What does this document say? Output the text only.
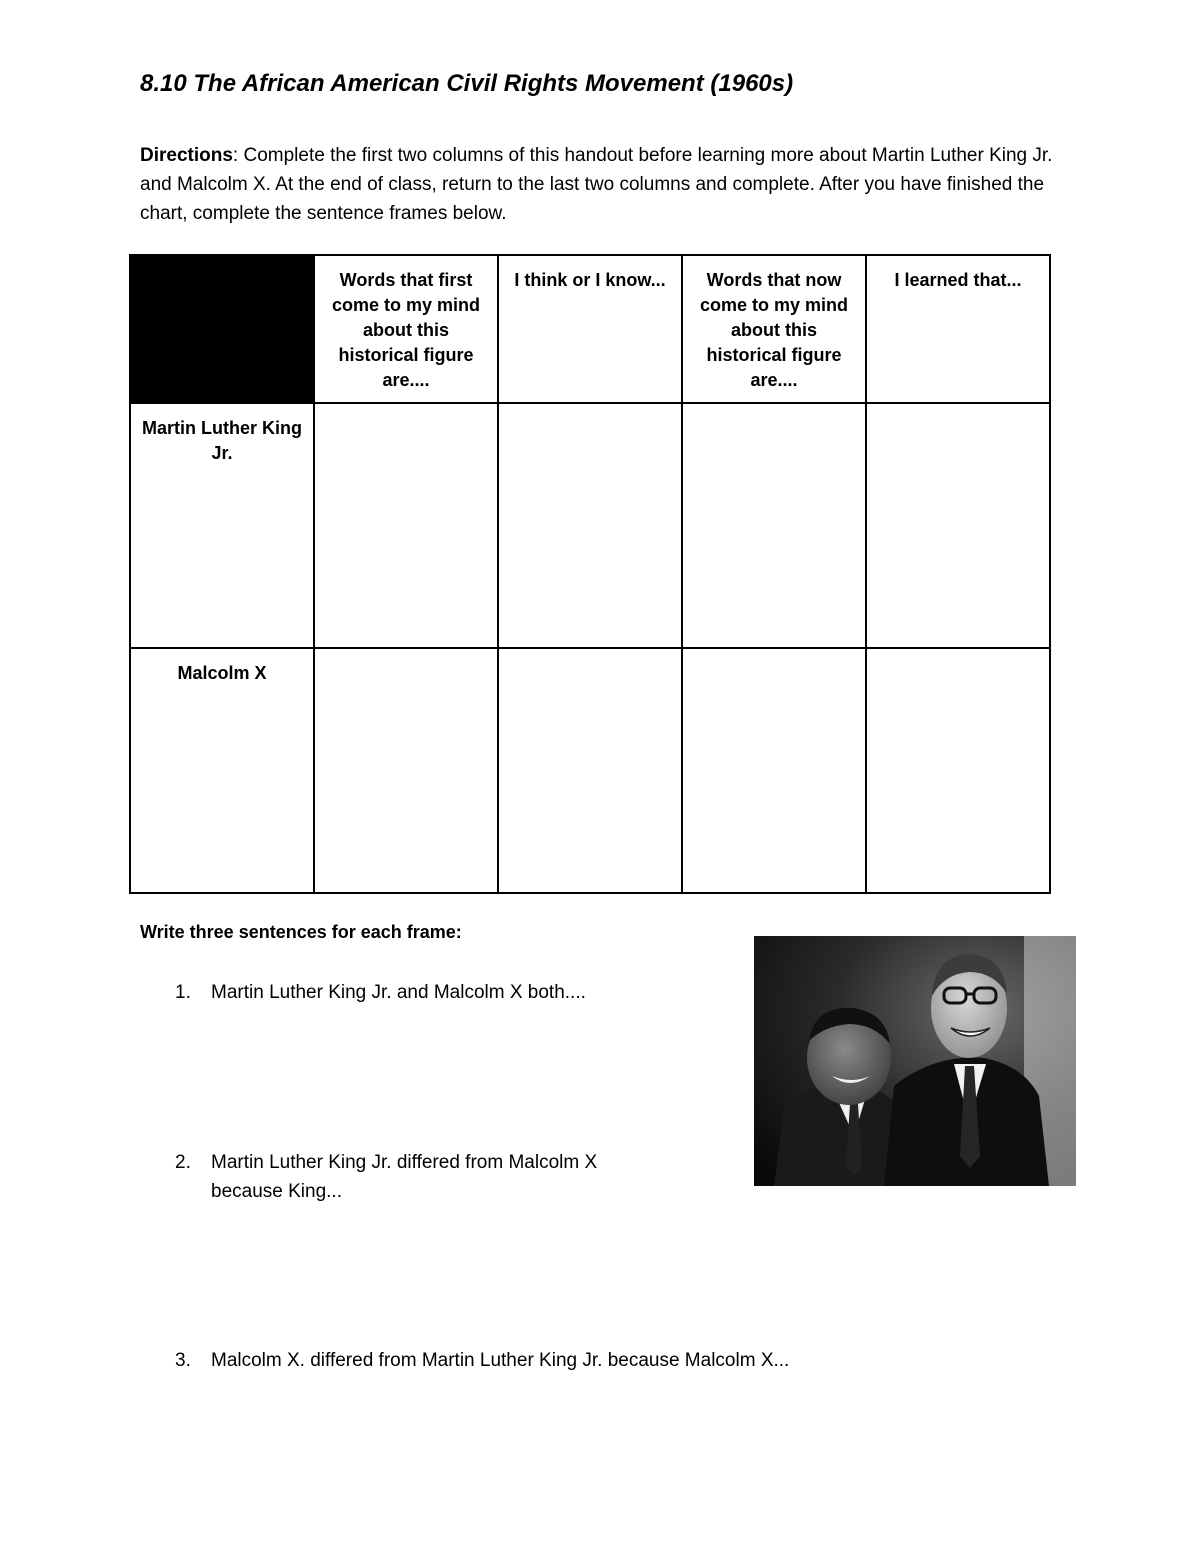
8.10 The African American Civil Rights Movement (1960s)

Directions: Complete the first two columns of this handout before learning more about Martin Luther King Jr. and Malcolm X. At the end of class, return to the last two columns and complete. After you have finished the chart, complete the sentence frames below.

	Words that first come to my mind about this historical figure are....	I think or I know...	Words that now come to my mind about this historical figure are....	I learned that...
Martin Luther King Jr.				
Malcolm X				

Write three sentences for each frame:

1.	Martin Luther King Jr. and Malcolm X both....
2.	Martin Luther King Jr. differed from Malcolm X
because King...
3.	Malcolm X. differed from Martin Luther King Jr. because Malcolm X...
